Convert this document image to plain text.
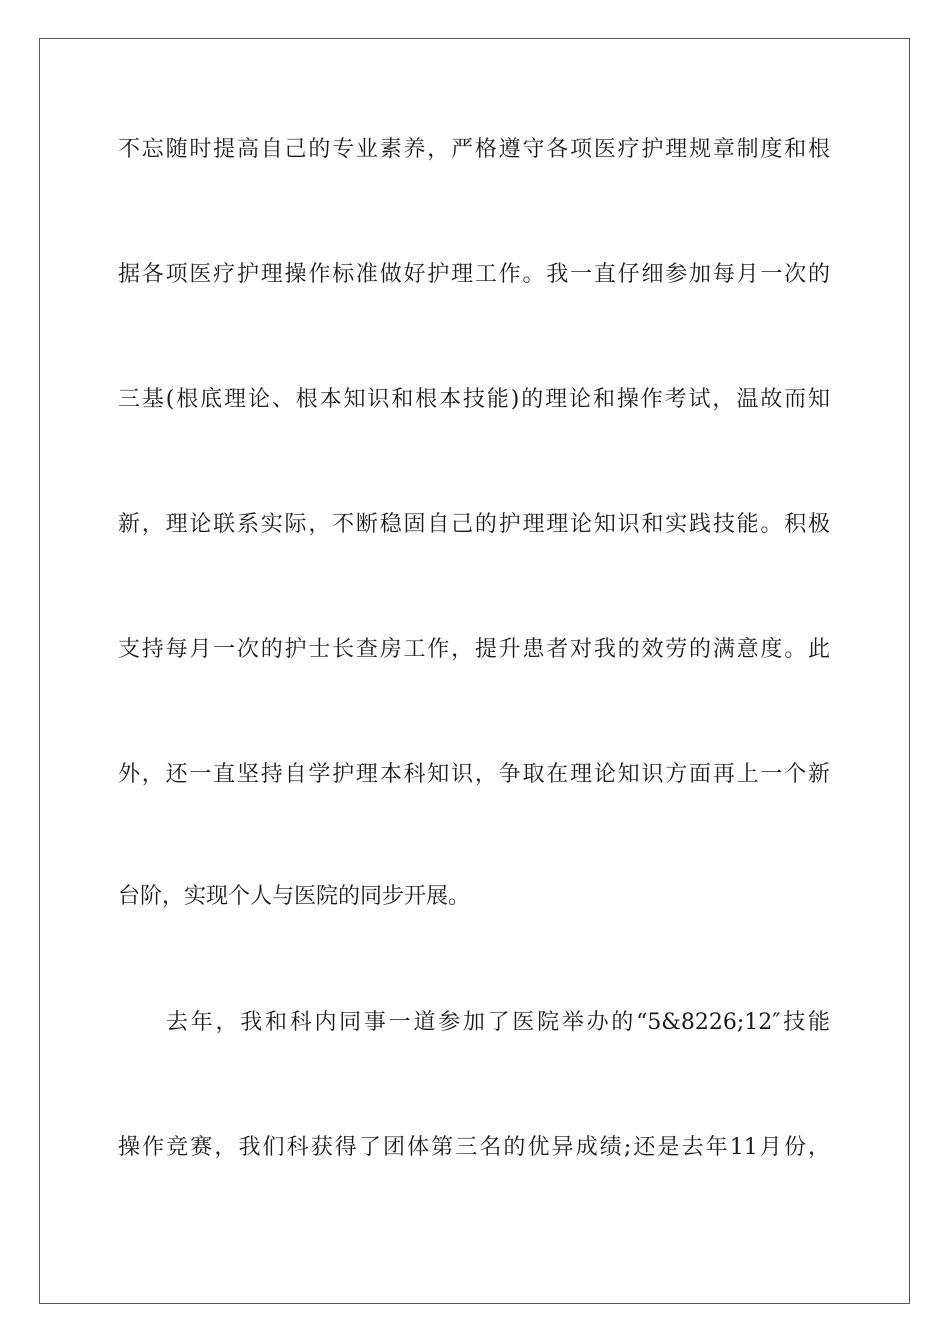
不忘随时提高自己的专业素养，严格遵守各项医疗护理规章制度和根
据各项医疗护理操作标准做好护理工作。我一直仔细参加每月一次的
三基(根底理论、根本知识和根本技能)的理论和操作考试，温故而知
新，理论联系实际，不断稳固自己的护理理论知识和实践技能。积极
支持每月一次的护士长查房工作，提升患者对我的效劳的满意度。此
外，还一直坚持自学护理本科知识，争取在理论知识方面再上一个新
台阶，实现个人与医院的同步开展。
去年，我和科内同事一道参加了医院举办的“5&8226;12″技能
操作竞赛，我们科获得了团体第三名的优异成绩;还是去年11月份，
